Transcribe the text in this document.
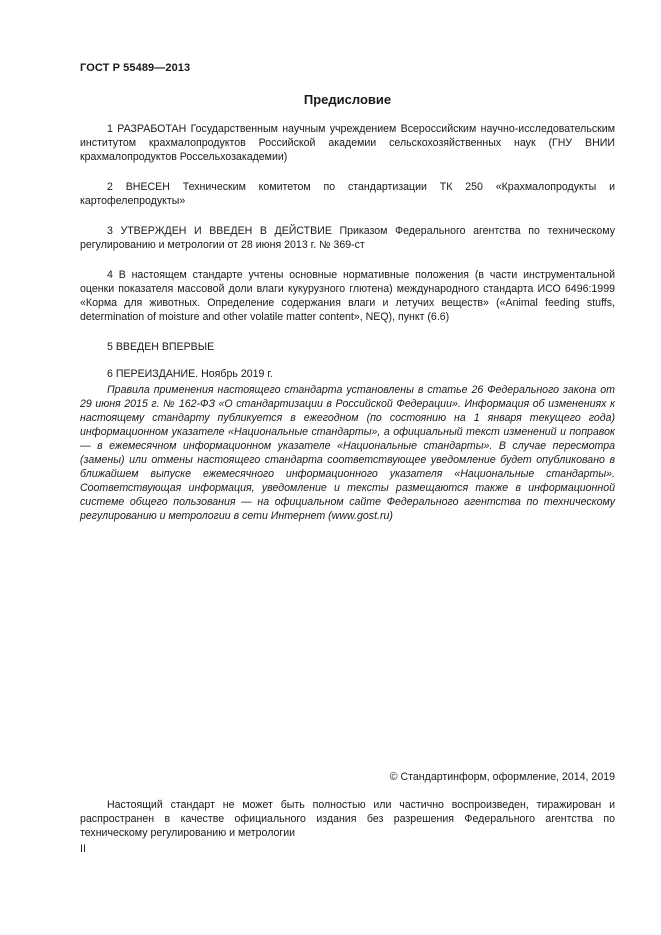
ГОСТ Р 55489—2013
Предисловие

1 РАЗРАБОТАН Государственным научным учреждением Всероссийским научно-исследовательским институтом крахмалопродуктов Российской академии сельскохозяйственных наук (ГНУ ВНИИ крахмалопродуктов Россельхозакадемии)

2 ВНЕСЕН Техническим комитетом по стандартизации ТК 250 «Крахмалопродукты и картофелепродукты»

3 УТВЕРЖДЕН И ВВЕДЕН В ДЕЙСТВИЕ Приказом Федерального агентства по техническому регулированию и метрологии от 28 июня 2013 г. № 369-ст

4 В настоящем стандарте учтены основные нормативные положения (в части инструментальной оценки показателя массовой доли влаги кукурузного глютена) международного стандарта ИСО 6496:1999 «Корма для животных. Определение содержания влаги и летучих веществ» («Animal feeding stuffs, determination of moisture and other volatile matter content», NEQ), пункт (6.6)

5 ВВЕДЕН ВПЕРВЫЕ

6 ПЕРЕИЗДАНИЕ. Ноябрь 2019 г.

Правила применения настоящего стандарта установлены в статье 26 Федерального закона от 29 июня 2015 г. № 162-ФЗ «О стандартизации в Российской Федерации». Информация об изменениях к настоящему стандарту публикуется в ежегодном (по состоянию на 1 января текущего года) информационном указателе «Национальные стандарты», а официальный текст изменений и поправок — в ежемесячном информационном указателе «Национальные стандарты». В случае пересмотра (замены) или отмены настоящего стандарта соответствующее уведомление будет опубликовано в ближайшем выпуске ежемесячного информационного указателя «Национальные стандарты». Соответствующая информация, уведомление и тексты размещаются также в информационной системе общего пользования — на официальном сайте Федерального агентства по техническому регулированию и метрологии в сети Интернет (www.gost.ru)

© Стандартинформ, оформление, 2014, 2019

Настоящий стандарт не может быть полностью или частично воспроизведен, тиражирован и распространен в качестве официального издания без разрешения Федерального агентства по техническому регулированию и метрологии

II
